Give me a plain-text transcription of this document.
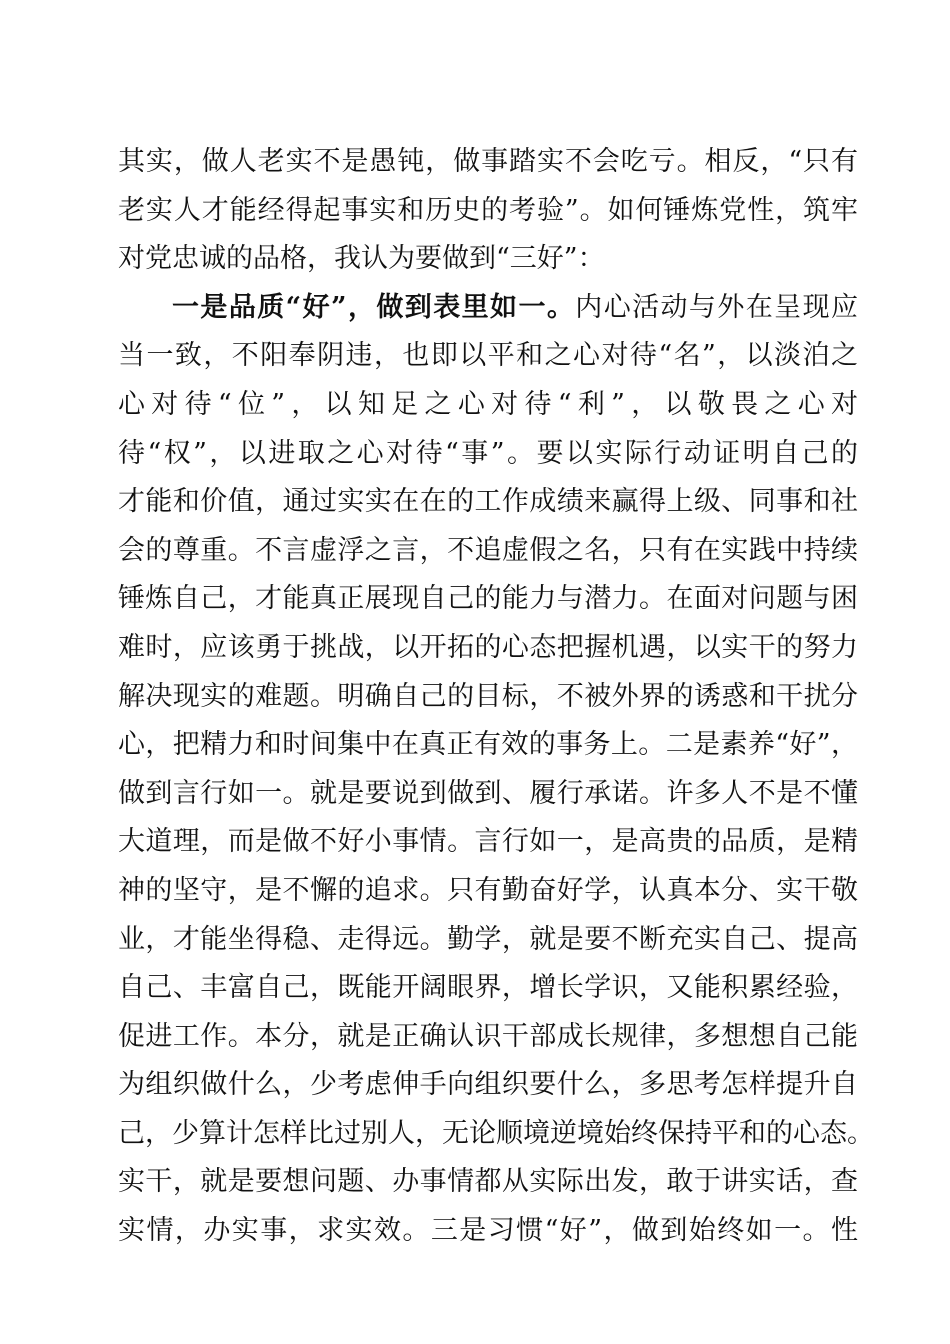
其实，做人老实不是愚钝，做事踏实不会吃亏。相反，“只有
老实人才能经得起事实和历史的考验”。如何锤炼党性，筑牢
对党忠诚的品格，我认为要做到“三好”：
一是品质“好”，做到表里如一。内心活动与外在呈现应
当一致，不阳奉阴违，也即以平和之心对待“名”，以淡泊之
心对待“位”，以知足之心对待“利”，以敬畏之心对
待“权”，以进取之心对待“事”。要以实际行动证明自己的
才能和价值，通过实实在在的工作成绩来赢得上级、同事和社
会的尊重。不言虚浮之言，不追虚假之名，只有在实践中持续
锤炼自己，才能真正展现自己的能力与潜力。在面对问题与困
难时，应该勇于挑战，以开拓的心态把握机遇，以实干的努力
解决现实的难题。明确自己的目标，不被外界的诱惑和干扰分
心，把精力和时间集中在真正有效的事务上。二是素养“好”，
做到言行如一。就是要说到做到、履行承诺。许多人不是不懂
大道理，而是做不好小事情。言行如一，是高贵的品质，是精
神的坚守，是不懈的追求。只有勤奋好学，认真本分、实干敬
业，才能坐得稳、走得远。勤学，就是要不断充实自己、提高
自己、丰富自己，既能开阔眼界，增长学识，又能积累经验，
促进工作。本分，就是正确认识干部成长规律，多想想自己能
为组织做什么，少考虑伸手向组织要什么，多思考怎样提升自
己，少算计怎样比过别人，无论顺境逆境始终保持平和的心态。
实干，就是要想问题、办事情都从实际出发，敢于讲实话，查
实情，办实事，求实效。三是习惯“好”，做到始终如一。性
